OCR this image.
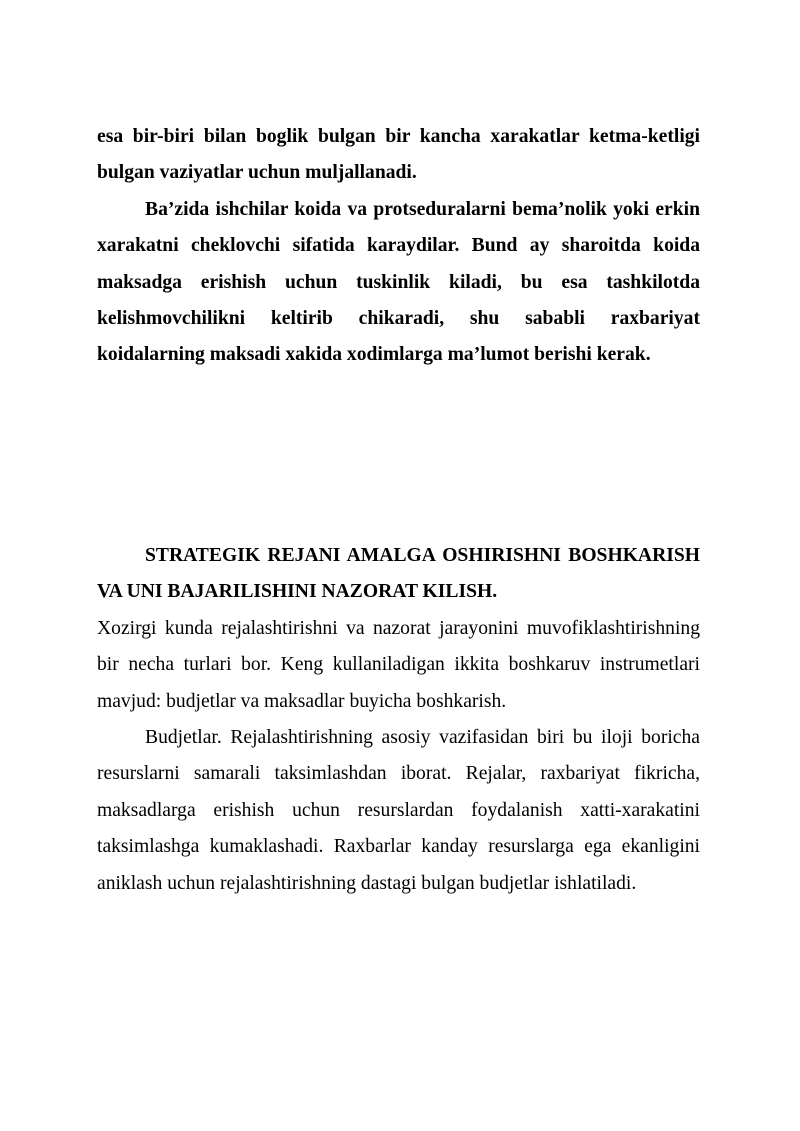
esa bir-biri bilan boglik bulgan bir kancha xarakatlar ketma-ketligi bulgan vaziyatlar uchun muljallanadi.

Ba’zida ishchilar koida va protseduralarni bema’nolik yoki erkin xarakatni cheklovchi sifatida karaydilar. Bund ay sharoitda koida maksadga erishish uchun tuskinlik kiladi, bu esa tashkilotda kelishmovchilikni keltirib chikaradi, shu sababli raxbariyat koidalarning maksadi xakida xodimlarga ma’lumot berishi kerak.

STRATEGIK REJANI AMALGA OSHIRISHNI BOSHKARISH VA UNI BAJARILISHINI NAZORAT KILISH.

Xozirgi kunda rejalashtirishni va nazorat jarayonini muvofiklashtirishning bir necha turlari bor. Keng kullaniladigan ikkita boshkaruv instrumetlari mavjud: budjetlar va maksadlar buyicha boshkarish.

Budjetlar. Rejalashtirishning asosiy vazifasidan biri bu iloji boricha resurslarni samarali taksimlashdan iborat. Rejalar, raxbariyat fikricha, maksadlarga erishish uchun resurslardan foydalanish xatti-xarakatini taksimlashga kumaklashadi. Raxbarlar kanday resurslarga ega ekanligini aniklash uchun rejalashtirishning dastagi bulgan budjetlar ishlatiladi.
